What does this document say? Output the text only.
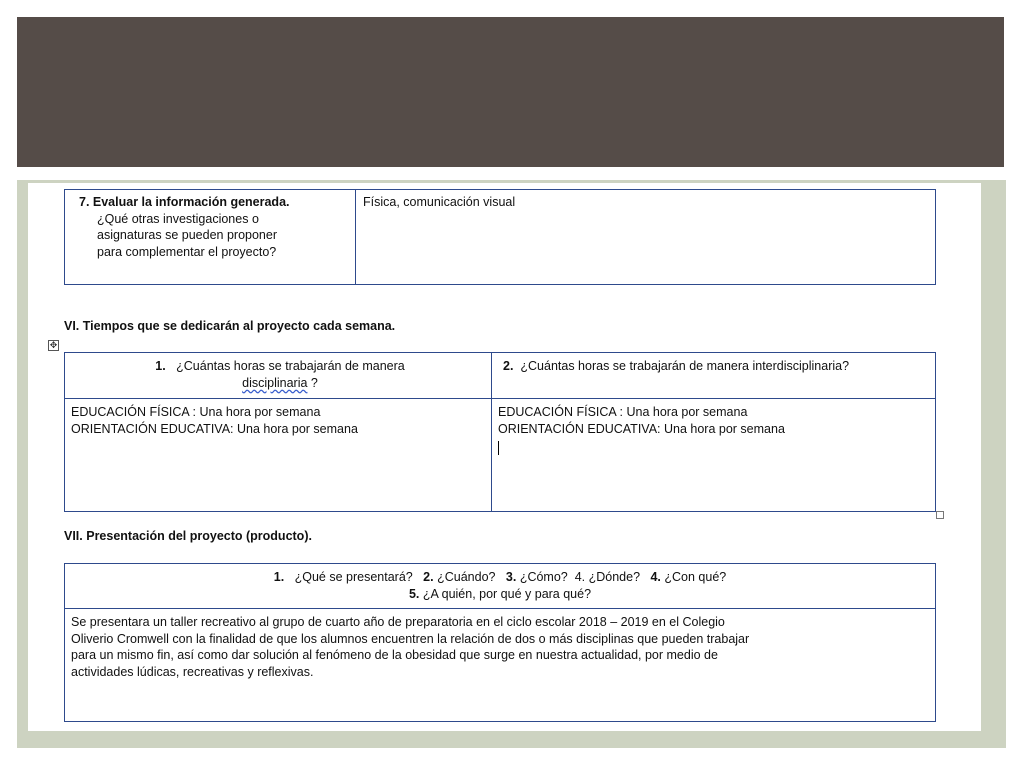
7. Evaluar la información generada.
¿Qué otras investigaciones o
asignaturas se pueden proponer
para complementar el proyecto?
Física, comunicación visual
VI. Tiempos que se dedicarán al proyecto cada semana.
✥
1. ¿Cuántas horas se trabajarán de manera
disciplinaria ?
2. ¿Cuántas horas se trabajarán de manera interdisciplinaria?
EDUCACIÓN FÍSICA : Una hora por semana
ORIENTACIÓN EDUCATIVA: Una hora por semana
EDUCACIÓN FÍSICA : Una hora por semana
ORIENTACIÓN EDUCATIVA: Una hora por semana
VII. Presentación del proyecto (producto).
1. ¿Qué se presentará? 2. ¿Cuándo? 3. ¿Cómo? 4. ¿Dónde? 4. ¿Con qué?
5. ¿A quién, por qué y para qué?
Se presentara un taller recreativo al grupo de cuarto año de preparatoria en el ciclo escolar 2018 – 2019 en el Colegio
Oliverio Cromwell con la finalidad de que los alumnos encuentren la relación de dos o más disciplinas que pueden trabajar
para un mismo fin, así como dar solución al fenómeno de la obesidad que surge en nuestra actualidad, por medio de
actividades lúdicas, recreativas y reflexivas.
